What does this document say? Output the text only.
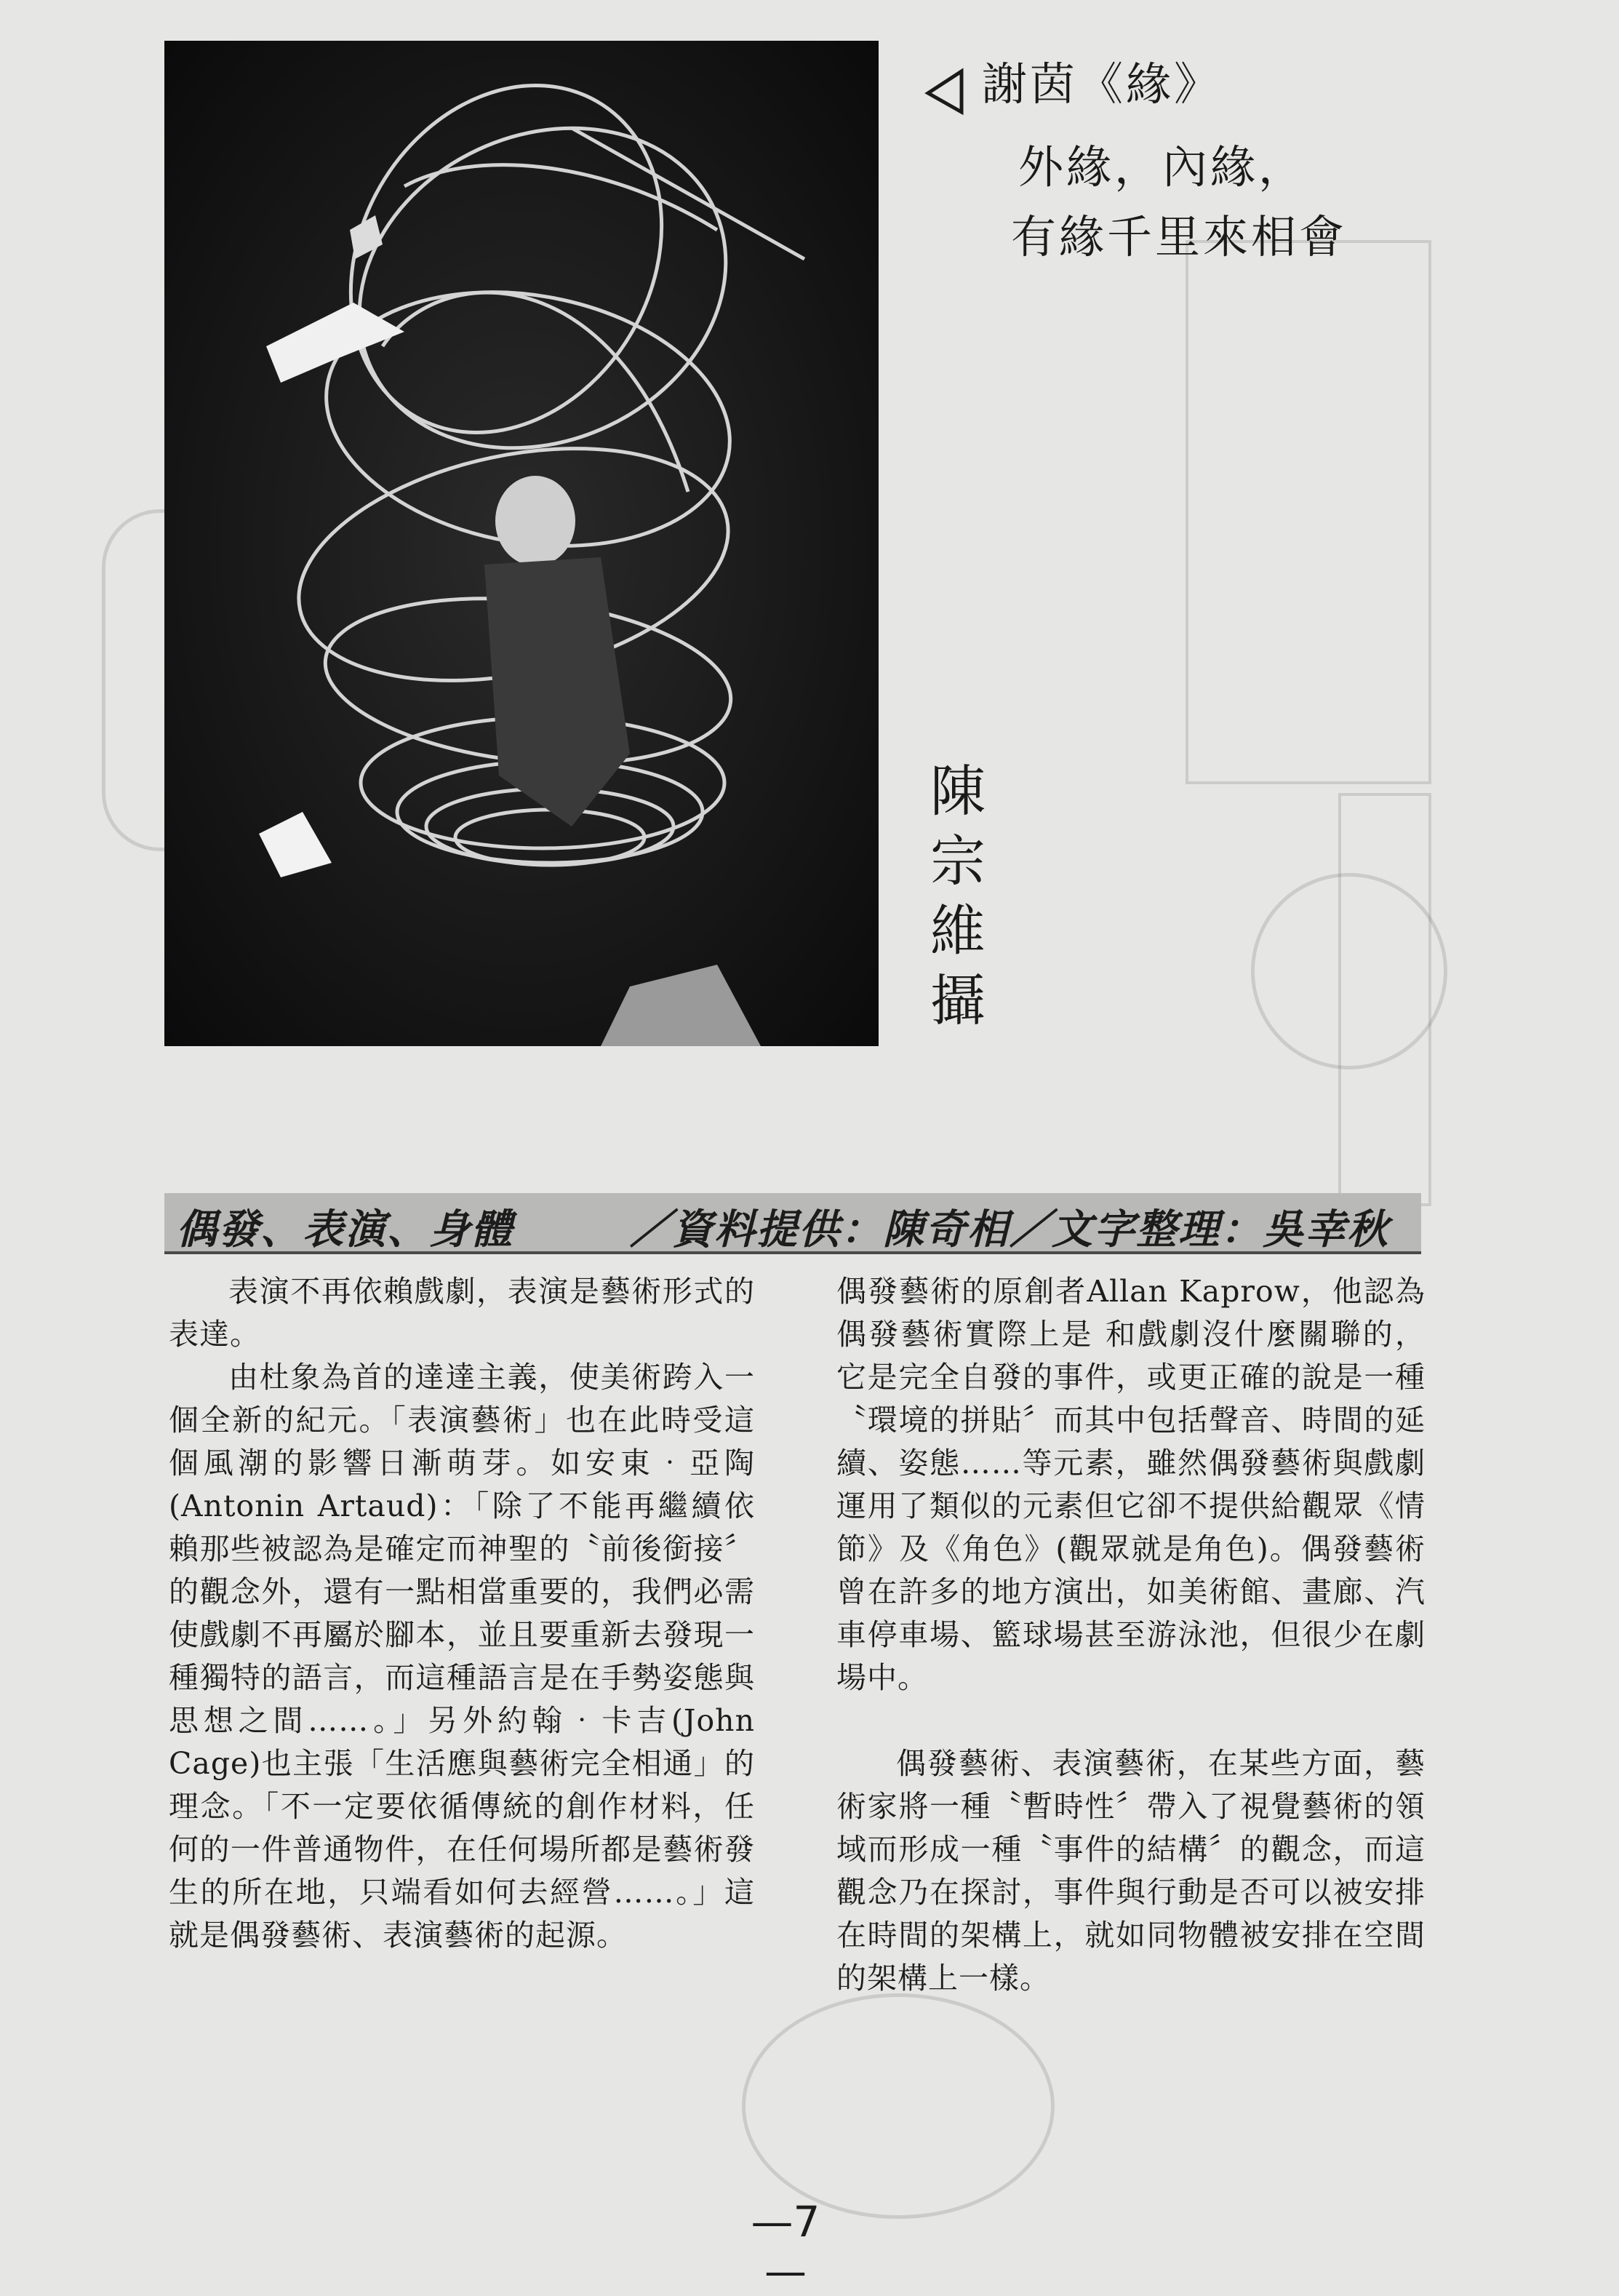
謝茵《緣》
外緣，內緣，
有緣千里來相會
陳宗維攝
偶發、表演、身體	／資料提供：陳奇相／文字整理：吳幸秋

表演不再依賴戲劇，表演是藝術形式的表達。

由杜象為首的達達主義，使美術跨入一個全新的紀元。「表演藝術」也在此時受這個風潮的影響日漸萌芽。如安東‧亞陶(Antonin Artaud)：「除了不能再繼續依賴那些被認為是確定而神聖的〝前後銜接〞的觀念外，還有一點相當重要的，我們必需使戲劇不再屬於腳本，並且要重新去發現一種獨特的語言，而這種語言是在手勢姿態與思想之間……。」另外約翰‧卡吉(John Cage)也主張「生活應與藝術完全相通」的理念。「不一定要依循傳統的創作材料，任何的一件普通物件，在任何場所都是藝術發生的所在地，只端看如何去經營……。」這就是偶發藝術、表演藝術的起源。

偶發藝術的原創者Allan Kaprow，他認為偶發藝術實際上是 和戲劇沒什麼關聯的，它是完全自發的事件，或更正確的說是一種〝環境的拼貼〞而其中包括聲音、時間的延續、姿態……等元素，雖然偶發藝術與戲劇運用了類似的元素但它卻不提供給觀眾《情節》及《角色》(觀眾就是角色)。偶發藝術曾在許多的地方演出，如美術館、畫廊、汽車停車場、籃球場甚至游泳池，但很少在劇場中。

偶發藝術、表演藝術，在某些方面，藝術家將一種〝暫時性〞帶入了視覺藝術的領域而形成一種〝事件的結構〞的觀念，而這觀念乃在探討，事件與行動是否可以被安排在時間的架構上，就如同物體被安排在空間的架構上一樣。

—7—
